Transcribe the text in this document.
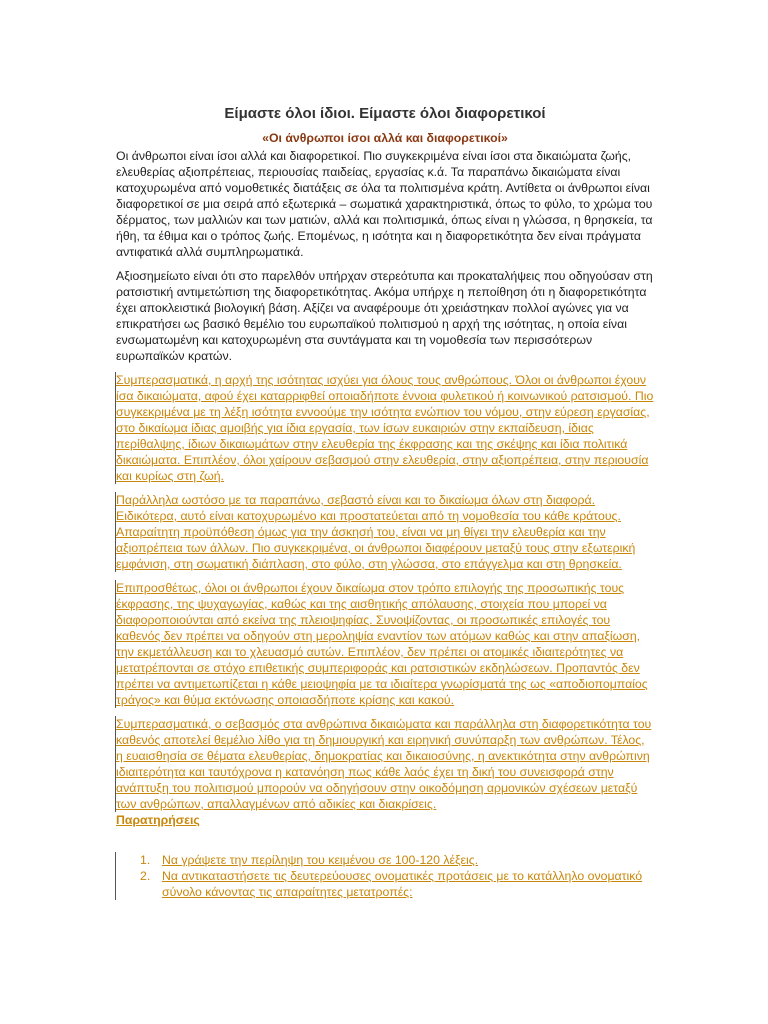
Είμαστε όλοι ίδιοι. Είμαστε όλοι διαφορετικοί
«Οι άνθρωποι ίσοι αλλά και διαφορετικοί»

Οι άνθρωποι είναι ίσοι αλλά και διαφορετικοί. Πιο συγκεκριμένα είναι ίσοι στα δικαιώματα ζωής, ελευθερίας αξιοπρέπειας, περιουσίας παιδείας, εργασίας κ.ά. Τα παραπάνω δικαιώματα είναι κατοχυρωμένα από νομοθετικές διατάξεις σε όλα τα πολιτισμένα κράτη. Αντίθετα οι άνθρωποι είναι διαφορετικοί σε μια σειρά από εξωτερικά – σωματικά χαρακτηριστικά, όπως το φύλο, το χρώμα του δέρματος, των μαλλιών και των ματιών, αλλά και πολιτισμικά, όπως είναι η γλώσσα, η θρησκεία, τα ήθη, τα έθιμα και ο τρόπος ζωής. Επομένως, η ισότητα και η διαφορετικότητα δεν είναι πράγματα αντιφατικά αλλά συμπληρωματικά.

Αξιοσημείωτο είναι ότι στο παρελθόν υπήρχαν στερεότυπα και προκαταλήψεις που οδηγούσαν στη ρατσιστική αντιμετώπιση της διαφορετικότητας. Ακόμα υπήρχε η πεποίθηση ότι η διαφορετικότητα έχει αποκλειστικά βιολογική βάση. Αξίζει να αναφέρουμε ότι χρειάστηκαν πολλοί αγώνες για να επικρατήσει ως βασικό θεμέλιο του ευρωπαϊκού πολιτισμού η αρχή της ισότητας, η οποία είναι ενσωματωμένη και κατοχυρωμένη στα συντάγματα και τη νομοθεσία των περισσότερων ευρωπαϊκών κρατών.

Συμπερασματικά, η αρχή της ισότητας ισχύει για όλους τους ανθρώπους. Όλοι οι άνθρωποι έχουν ίσα δικαιώματα, αφού έχει καταρριφθεί οποιαδήποτε έννοια φυλετικού ή κοινωνικού ρατσισμού. Πιο συγκεκριμένα με τη λέξη ισότητα εννοούμε την ισότητα ενώπιον του νόμου, στην εύρεση εργασίας, στο δικαίωμα ίδιας αμοιβής για ίδια εργασία, των ίσων ευκαιριών στην εκπαίδευση, ίδιας περίθαλψης, ίδιων δικαιωμάτων στην ελευθερία της έκφρασης και της σκέψης και ίδια πολιτικά δικαιώματα. Επιπλέον, όλοι χαίρουν σεβασμού στην ελευθερία, στην αξιοπρέπεια, στην περιουσία και κυρίως στη ζωή.

Παράλληλα ωστόσο με τα παραπάνω, σεβαστό είναι και το δικαίωμα όλων στη διαφορά. Ειδικότερα, αυτό είναι κατοχυρωμένο και προστατεύεται από τη νομοθεσία του κάθε κράτους. Απαραίτητη προϋπόθεση όμως για την άσκησή του, είναι να μη θίγει την ελευθερία και την αξιοπρέπεια των άλλων. Πιο συγκεκριμένα, οι άνθρωποι διαφέρουν μεταξύ τους στην εξωτερική εμφάνιση, στη σωματική διάπλαση, στο φύλο, στη γλώσσα, στο επάγγελμα και στη θρησκεία.

Επιπροσθέτως, όλοι οι άνθρωποι έχουν δικαίωμα στον τρόπο επιλογής της προσωπικής τους έκφρασης, της ψυχαγωγίας, καθώς και της αισθητικής απόλαυσης, στοιχεία που μπορεί να διαφοροποιούνται από εκείνα της πλειοψηφίας. Συνοψίζοντας, οι προσωπικές επιλογές του καθενός δεν πρέπει να οδηγούν στη μεροληψία εναντίον των ατόμων καθώς και στην απαξίωση, την εκμετάλλευση και το χλευασμό αυτών. Επιπλέον, δεν πρέπει οι ατομικές ιδιαιτερότητες να μετατρέπονται σε στόχο επιθετικής συμπεριφοράς και ρατσιστικών εκδηλώσεων. Προπαντός δεν πρέπει να αντιμετωπίζεται η κάθε μειοψηφία με τα ιδιαίτερα γνωρίσματά της ως «αποδιοπομπαίος τράγος» και θύμα εκτόνωσης οποιασδήποτε κρίσης και κακού.

Συμπερασματικά, ο σεβασμός στα ανθρώπινα δικαιώματα και παράλληλα στη διαφορετικότητα του καθενός αποτελεί θεμέλιο λίθο για τη δημιουργική και ειρηνική συνύπαρξη των ανθρώπων. Τέλος, η ευαισθησία σε θέματα ελευθερίας, δημοκρατίας και δικαιοσύνης, η ανεκτικότητα στην ανθρώπινη ιδιαιτερότητα και ταυτόχρονα η κατανόηση πως κάθε λαός έχει τη δική του συνεισφορά στην ανάπτυξη του πολιτισμού μπορούν να οδηγήσουν στην οικοδόμηση αρμονικών σχέσεων μεταξύ των ανθρώπων, απαλλαγμένων από αδικίες και διακρίσεις.

Παρατηρήσεις
1. Να γράψετε την περίληψη του κειμένου σε 100-120 λέξεις.
2. Να αντικαταστήσετε τις δευτερεύουσες ονοματικές προτάσεις με το κατάλληλο ονοματικό σύνολο κάνοντας τις απαραίτητες μετατροπές:
